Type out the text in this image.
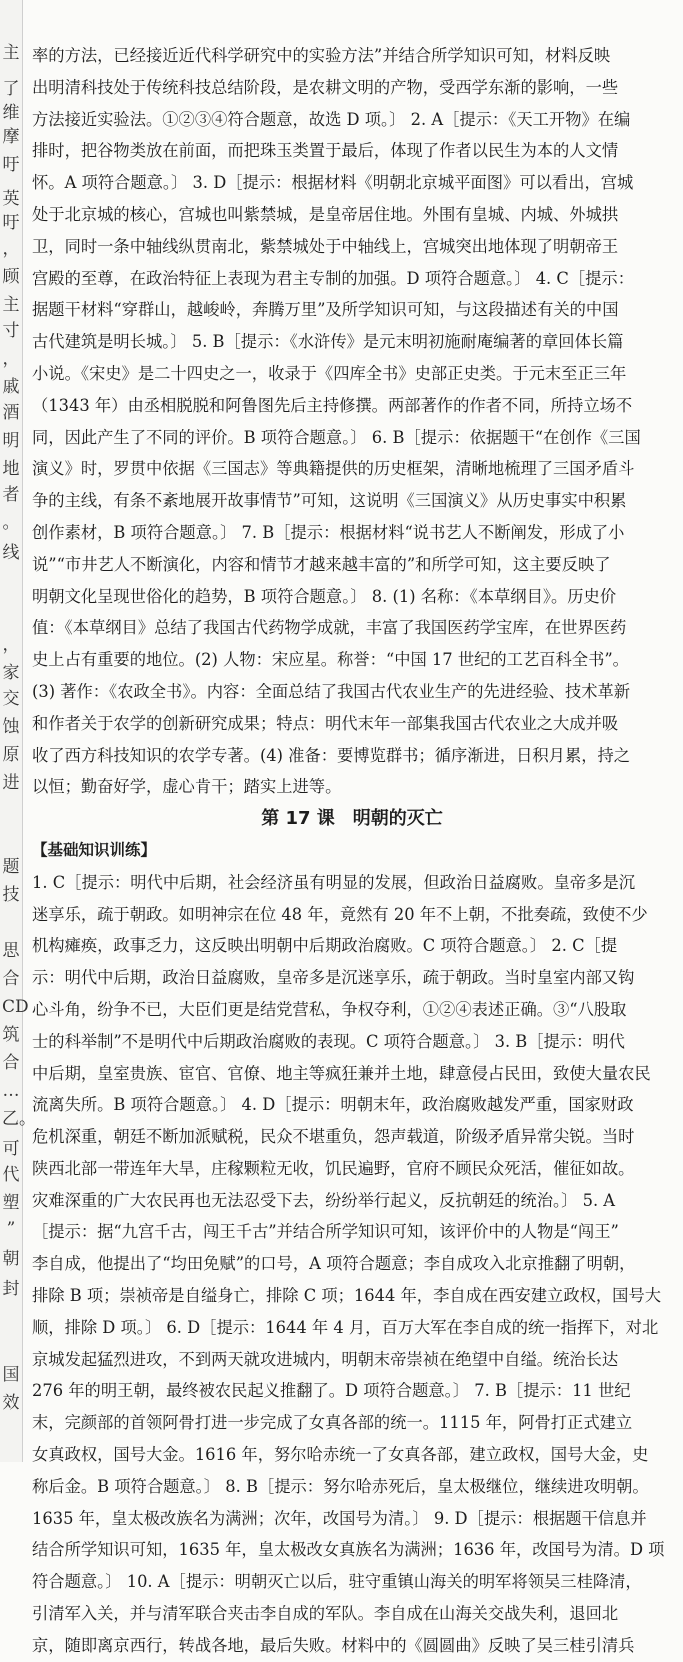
主
了
维
摩
吁
英
吁
，
顾
主
寸
，
戚
酒
明
地
者
。
线
，
家
交
蚀
原
进
题
技
思
合
CD
筑
合
…
乙。
可
代
塑
”
朝
封
国
效
率的方法，已经接近近代科学研究中的实验方法”并结合所学知识可知，材料反映
出明清科技处于传统科技总结阶段，是农耕文明的产物，受西学东渐的影响，一些
方法接近实验法。①②③④符合题意，故选 D 项。〕 2. A［提示：《天工开物》在编
排时，把谷物类放在前面，而把珠玉类置于最后，体现了作者以民生为本的人文情
怀。A 项符合题意。〕 3. D［提示：根据材料《明朝北京城平面图》可以看出，宫城
处于北京城的核心，宫城也叫紫禁城，是皇帝居住地。外围有皇城、内城、外城拱
卫，同时一条中轴线纵贯南北，紫禁城处于中轴线上，宫城突出地体现了明朝帝王
宫殿的至尊，在政治特征上表现为君主专制的加强。D 项符合题意。〕 4. C［提示：
据题干材料“穿群山，越峻岭，奔腾万里”及所学知识可知，与这段描述有关的中国
古代建筑是明长城。〕 5. B［提示：《水浒传》是元末明初施耐庵编著的章回体长篇
小说。《宋史》是二十四史之一，收录于《四库全书》史部正史类。于元末至正三年
（1343 年）由丞相脱脱和阿鲁图先后主持修撰。两部著作的作者不同，所持立场不
同，因此产生了不同的评价。B 项符合题意。〕 6. B［提示：依据题干“在创作《三国
演义》时，罗贯中依据《三国志》等典籍提供的历史框架，清晰地梳理了三国矛盾斗
争的主线，有条不紊地展开故事情节”可知，这说明《三国演义》从历史事实中积累
创作素材，B 项符合题意。〕 7. B［提示：根据材料“说书艺人不断阐发，形成了小
说”“市井艺人不断演化，内容和情节才越来越丰富的”和所学可知，这主要反映了
明朝文化呈现世俗化的趋势，B 项符合题意。〕 8. (1) 名称：《本草纲目》。历史价
值：《本草纲目》总结了我国古代药物学成就，丰富了我国医药学宝库，在世界医药
史上占有重要的地位。(2) 人物：宋应星。称誉：“中国 17 世纪的工艺百科全书”。
(3) 著作：《农政全书》。内容：全面总结了我国古代农业生产的先进经验、技术革新
和作者关于农学的创新研究成果；特点：明代末年一部集我国古代农业之大成并吸
收了西方科技知识的农学专著。(4) 准备：要博览群书；循序渐进，日积月累，持之
以恒；勤奋好学，虚心肯干；踏实上进等。
第 17 课　明朝的灭亡
【基础知识训练】
1. C［提示：明代中后期，社会经济虽有明显的发展，但政治日益腐败。皇帝多是沉
迷享乐，疏于朝政。如明神宗在位 48 年，竟然有 20 年不上朝，不批奏疏，致使不少
机构瘫痪，政事乏力，这反映出明朝中后期政治腐败。C 项符合题意。〕 2. C［提
示：明代中后期，政治日益腐败，皇帝多是沉迷享乐，疏于朝政。当时皇室内部又钩
心斗角，纷争不已，大臣们更是结党营私，争权夺利，①②④表述正确。③“八股取
士的科举制”不是明代中后期政治腐败的表现。C 项符合题意。〕 3. B［提示：明代
中后期，皇室贵族、宦官、官僚、地主等疯狂兼并土地，肆意侵占民田，致使大量农民
流离失所。B 项符合题意。〕 4. D［提示：明朝末年，政治腐败越发严重，国家财政
危机深重，朝廷不断加派赋税，民众不堪重负，怨声载道，阶级矛盾异常尖锐。当时
陕西北部一带连年大旱，庄稼颗粒无收，饥民遍野，官府不顾民众死活，催征如故。
灾难深重的广大农民再也无法忍受下去，纷纷举行起义，反抗朝廷的统治。〕 5. A
［提示：据“九宫千古，闯王千古”并结合所学知识可知，该评价中的人物是“闯王”
李自成，他提出了“均田免赋”的口号，A 项符合题意；李自成攻入北京推翻了明朝，
排除 B 项；崇祯帝是自缢身亡，排除 C 项；1644 年，李自成在西安建立政权，国号大
顺，排除 D 项。〕 6. D［提示：1644 年 4 月，百万大军在李自成的统一指挥下，对北
京城发起猛烈进攻，不到两天就攻进城内，明朝末帝崇祯在绝望中自缢。统治长达
276 年的明王朝，最终被农民起义推翻了。D 项符合题意。〕 7. B［提示：11 世纪
末，完颜部的首领阿骨打进一步完成了女真各部的统一。1115 年，阿骨打正式建立
女真政权，国号大金。1616 年，努尔哈赤统一了女真各部，建立政权，国号大金，史
称后金。B 项符合题意。〕 8. B［提示：努尔哈赤死后，皇太极继位，继续进攻明朝。
1635 年，皇太极改族名为满洲；次年，改国号为清。〕 9. D［提示：根据题干信息并
结合所学知识可知，1635 年，皇太极改女真族名为满洲；1636 年，改国号为清。D 项
符合题意。〕 10. A［提示：明朝灭亡以后，驻守重镇山海关的明军将领吴三桂降清，
引清军入关，并与清军联合夹击李自成的军队。李自成在山海关交战失利，退回北
京，随即离京西行，转战各地，最后失败。材料中的《圆圆曲》反映了吴三桂引清兵
